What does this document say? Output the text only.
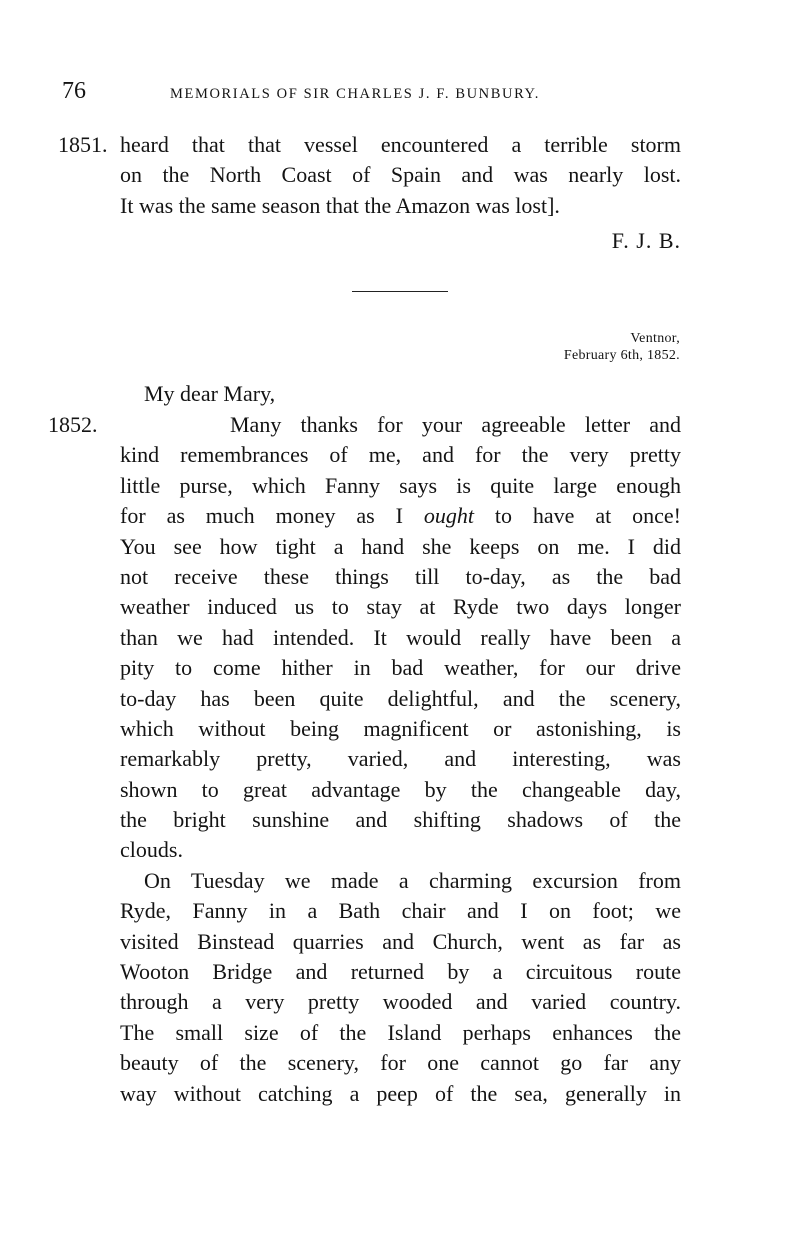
76	MEMORIALS OF SIR CHARLES J. F. BUNBURY.
1851. heard that that vessel encountered a terrible storm
on the North Coast of Spain and was nearly lost.
It was the same season that the Amazon was lost].
F. J. B.
Ventnor,
February 6th, 1852.
My dear Mary,
1852.	Many thanks for your agreeable letter and
kind remembrances of me, and for the very pretty
little purse, which Fanny says is quite large enough
for as much money as I ought to have at once!
You see how tight a hand she keeps on me. I did
not receive these things till to-day, as the bad
weather induced us to stay at Ryde two days longer
than we had intended. It would really have been a
pity to come hither in bad weather, for our drive
to-day has been quite delightful, and the scenery,
which without being magnificent or astonishing, is
remarkably pretty, varied, and interesting, was
shown to great advantage by the changeable day,
the bright sunshine and shifting shadows of the
clouds.
On Tuesday we made a charming excursion from
Ryde, Fanny in a Bath chair and I on foot; we
visited Binstead quarries and Church, went as far as
Wooton Bridge and returned by a circuitous route
through a very pretty wooded and varied country.
The small size of the Island perhaps enhances the
beauty of the scenery, for one cannot go far any
way without catching a peep of the sea, generally in
